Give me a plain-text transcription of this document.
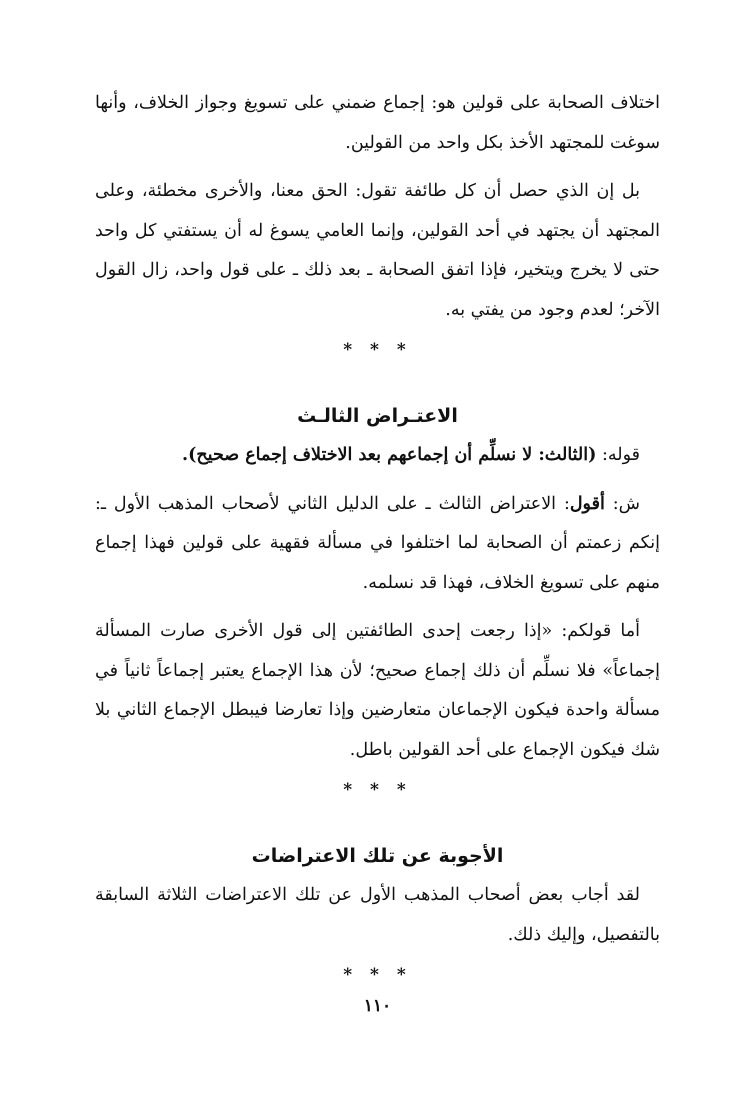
اختلاف الصحابة على قولين هو: إجماع ضمني على تسويغ وجواز الخلاف، وأنها سوغت للمجتهد الأخذ بكل واحد من القولين.

بل إن الذي حصل أن كل طائفة تقول: الحق معنا، والأخرى مخطئة، وعلى المجتهد أن يجتهد في أحد القولين، وإنما العامي يسوغ له أن يستفتي كل واحد حتى لا يخرج ويتخير، فإذا اتفق الصحابة ـ بعد ذلك ـ على قول واحد، زال القول الآخر؛ لعدم وجود من يفتي به.

* * *
الاعتـراض الثالـث

قوله: (الثالث: لا نسلِّم أن إجماعهم بعد الاختلاف إجماع صحيح).

ش: أقول: الاعتراض الثالث ـ على الدليل الثاني لأصحاب المذهب الأول ـ: إنكم زعمتم أن الصحابة لما اختلفوا في مسألة فقهية على قولين فهذا إجماع منهم على تسويغ الخلاف، فهذا قد نسلمه.

أما قولكم: «إذا رجعت إحدى الطائفتين إلى قول الأخرى صارت المسألة إجماعاً» فلا نسلِّم أن ذلك إجماع صحيح؛ لأن هذا الإجماع يعتبر إجماعاً ثانياً في مسألة واحدة فيكون الإجماعان متعارضين وإذا تعارضا فيبطل الإجماع الثاني بلا شك فيكون الإجماع على أحد القولين باطل.

* * *
الأجوبة عن تلك الاعتراضات

لقد أجاب بعض أصحاب المذهب الأول عن تلك الاعتراضات الثلاثة السابقة بالتفصيل، وإليك ذلك.

* * *
١١٠
